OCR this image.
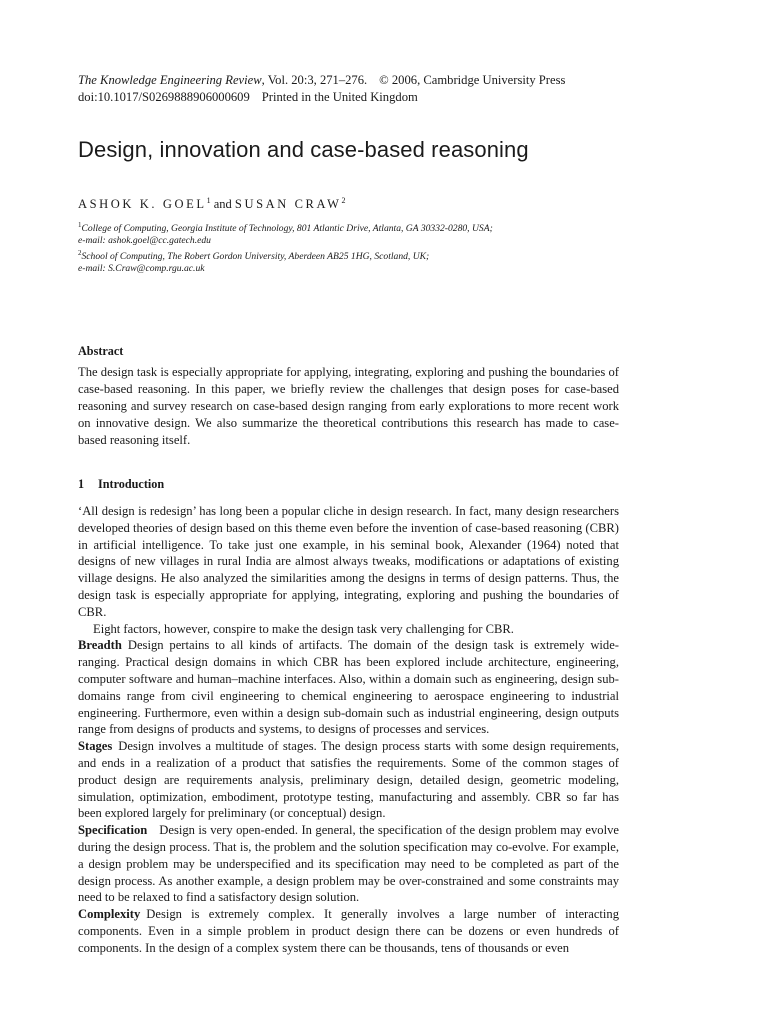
The Knowledge Engineering Review, Vol. 20:3, 271–276. © 2006, Cambridge University Press
doi:10.1017/S0269888906000609 Printed in the United Kingdom
Design, innovation and case-based reasoning
ASHOK K. GOEL$^1$ and SUSAN CRAW$^2$
$^1$College of Computing, Georgia Institute of Technology, 801 Atlantic Drive, Atlanta, GA 30332-0280, USA;
e-mail: ashok.goel@cc.gatech.edu
$^2$School of Computing, The Robert Gordon University, Aberdeen AB25 1HG, Scotland, UK;
e-mail: S.Craw@comp.rgu.ac.uk
Abstract
The design task is especially appropriate for applying, integrating, exploring and pushing the boundaries of case-based reasoning. In this paper, we briefly review the challenges that design poses for case-based reasoning and survey research on case-based design ranging from early explorations to more recent work on innovative design. We also summarize the theoretical contributions this research has made to case-based reasoning itself.
1 Introduction

‘All design is redesign’ has long been a popular cliche in design research. In fact, many design researchers developed theories of design based on this theme even before the invention of case-based reasoning (CBR) in artificial intelligence. To take just one example, in his seminal book, Alexander (1964) noted that designs of new villages in rural India are almost always tweaks, modifications or adaptations of existing village designs. He also analyzed the similarities among the designs in terms of design patterns. Thus, the design task is especially appropriate for applying, integrating, exploring and pushing the boundaries of CBR.

Eight factors, however, conspire to make the design task very challenging for CBR.

Breadth Design pertains to all kinds of artifacts. The domain of the design task is extremely wide-ranging. Practical design domains in which CBR has been explored include architecture, engineering, computer software and human–machine interfaces. Also, within a domain such as engineering, design sub-domains range from civil engineering to chemical engineering to aerospace engineering to industrial engineering. Furthermore, even within a design sub-domain such as industrial engineering, design outputs range from designs of products and systems, to designs of processes and services.

Stages Design involves a multitude of stages. The design process starts with some design requirements, and ends in a realization of a product that satisfies the requirements. Some of the common stages of product design are requirements analysis, preliminary design, detailed design, geometric modeling, simulation, optimization, embodiment, prototype testing, manufacturing and assembly. CBR so far has been explored largely for preliminary (or conceptual) design.

Specification Design is very open-ended. In general, the specification of the design problem may evolve during the design process. That is, the problem and the solution specification may co-evolve. For example, a design problem may be underspecified and its specification may need to be completed as part of the design process. As another example, a design problem may be over-constrained and some constraints may need to be relaxed to find a satisfactory design solution.

Complexity Design is extremely complex. It generally involves a large number of interacting components. Even in a simple problem in product design there can be dozens or even hundreds of components. In the design of a complex system there can be thousands, tens of thousands or even
